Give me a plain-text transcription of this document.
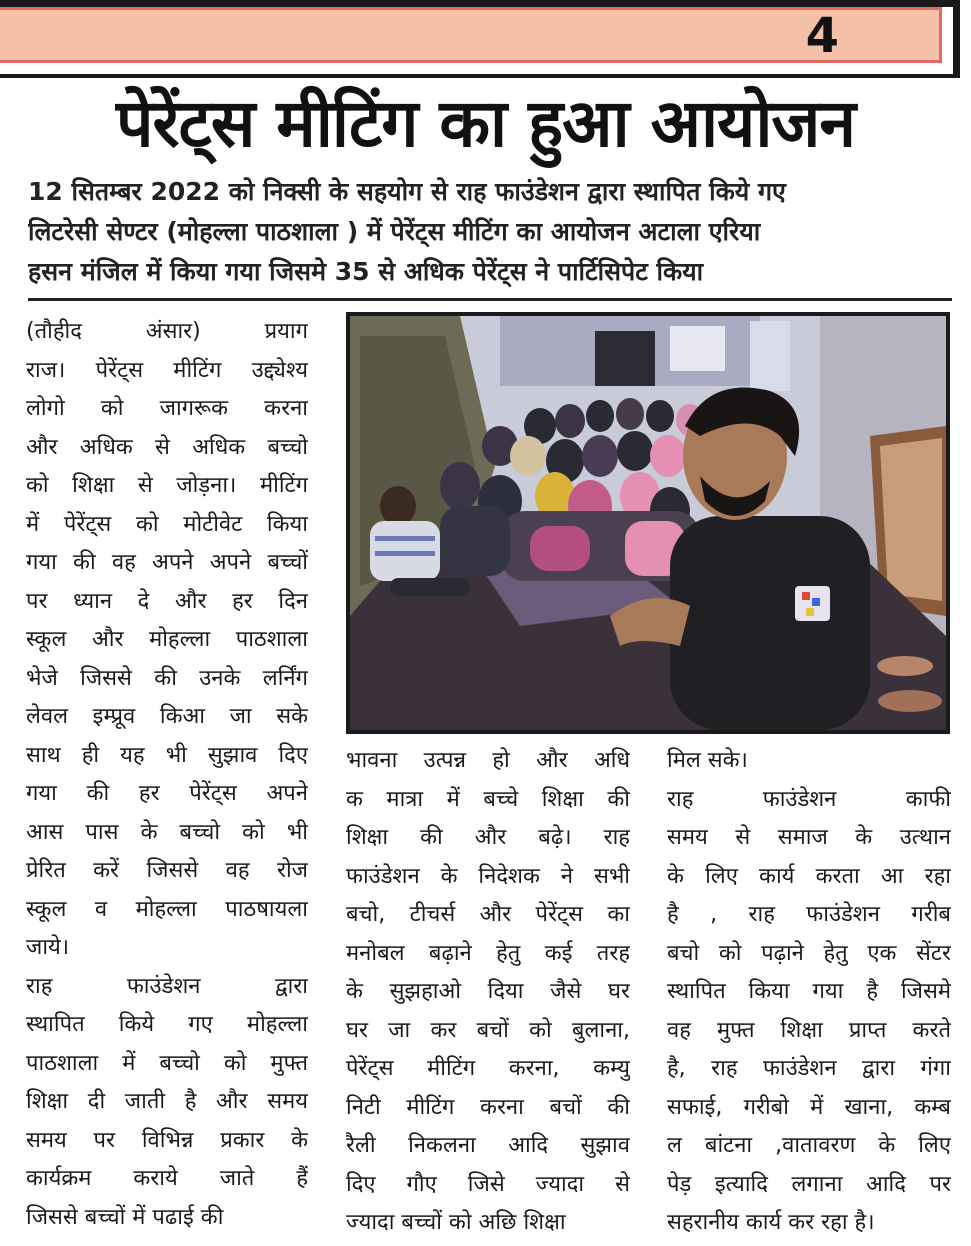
4
पेरेंट्स मीटिंग का हुआ आयोजन
12 सितम्बर 2022 को निक्सी के सहयोग से राह फाउंडेशन द्वारा स्थापित किये गए
लिटरेसी सेण्टर (मोहल्ला पाठशाला ) में पेरेंट्स मीटिंग का आयोजन अटाला एरिया
हसन मंजिल में किया गया जिसमे 35 से अधिक पेरेंट्स ने पार्टिसिपेट किया
(तौहीद अंसार) प्रयाग
राज। पेरेंट्स मीटिंग उद्द्येश्य
लोगो को जागरूक करना
और अधिक से अधिक बच्चो
को शिक्षा से जोड़ना। मीटिंग
में पेरेंट्स को मोटीवेट किया
गया की वह अपने अपने बच्चों
पर ध्यान दे और हर दिन
स्कूल और मोहल्ला पाठशाला
भेजे जिससे की उनके लर्निंग
लेवल इम्प्रूव किआ जा सके
साथ ही यह भी सुझाव दिए
गया की हर पेरेंट्स अपने
आस पास के बच्चो को भी
प्रेरित करें जिससे वह रोज
स्कूल व मोहल्ला पाठषायला
जाये।
राह फाउंडेशन द्वारा
स्थापित किये गए मोहल्ला
पाठशाला में बच्चो को मुफ्त
शिक्षा दी जाती है और समय
समय पर विभिन्न प्रकार के
कार्यक्रम कराये जाते हैं
जिससे बच्चों में पढाई की
भावना उत्पन्न हो और अधि
क मात्रा में बच्चे शिक्षा की
शिक्षा की और बढ़े। राह
फाउंडेशन के निदेशक ने सभी
बचो, टीचर्स और पेरेंट्स का
मनोबल बढ़ाने हेतु कई तरह
के सुझहाओ दिया जैसे घर
घर जा कर बचों को बुलाना,
पेरेंट्स मीटिंग करना, कम्यु
निटी मीटिंग करना बचों की
रैली निकलना आदि सुझाव
दिए गौए जिसे ज्यादा से
ज्यादा बच्चों को अछि शिक्षा
मिल सके।
राह फाउंडेशन काफी
समय से समाज के उत्थान
के लिए कार्य करता आ रहा
है , राह फाउंडेशन गरीब
बचो को पढ़ाने हेतु एक सेंटर
स्थापित किया गया है जिसमे
वह मुफ्त शिक्षा प्राप्त करते
है, राह फाउंडेशन द्वारा गंगा
सफाई, गरीबो में खाना, कम्ब
ल बांटना ,वातावरण के लिए
पेड़ इत्यादि लगाना आदि पर
सहरानीय कार्य कर रहा है।
